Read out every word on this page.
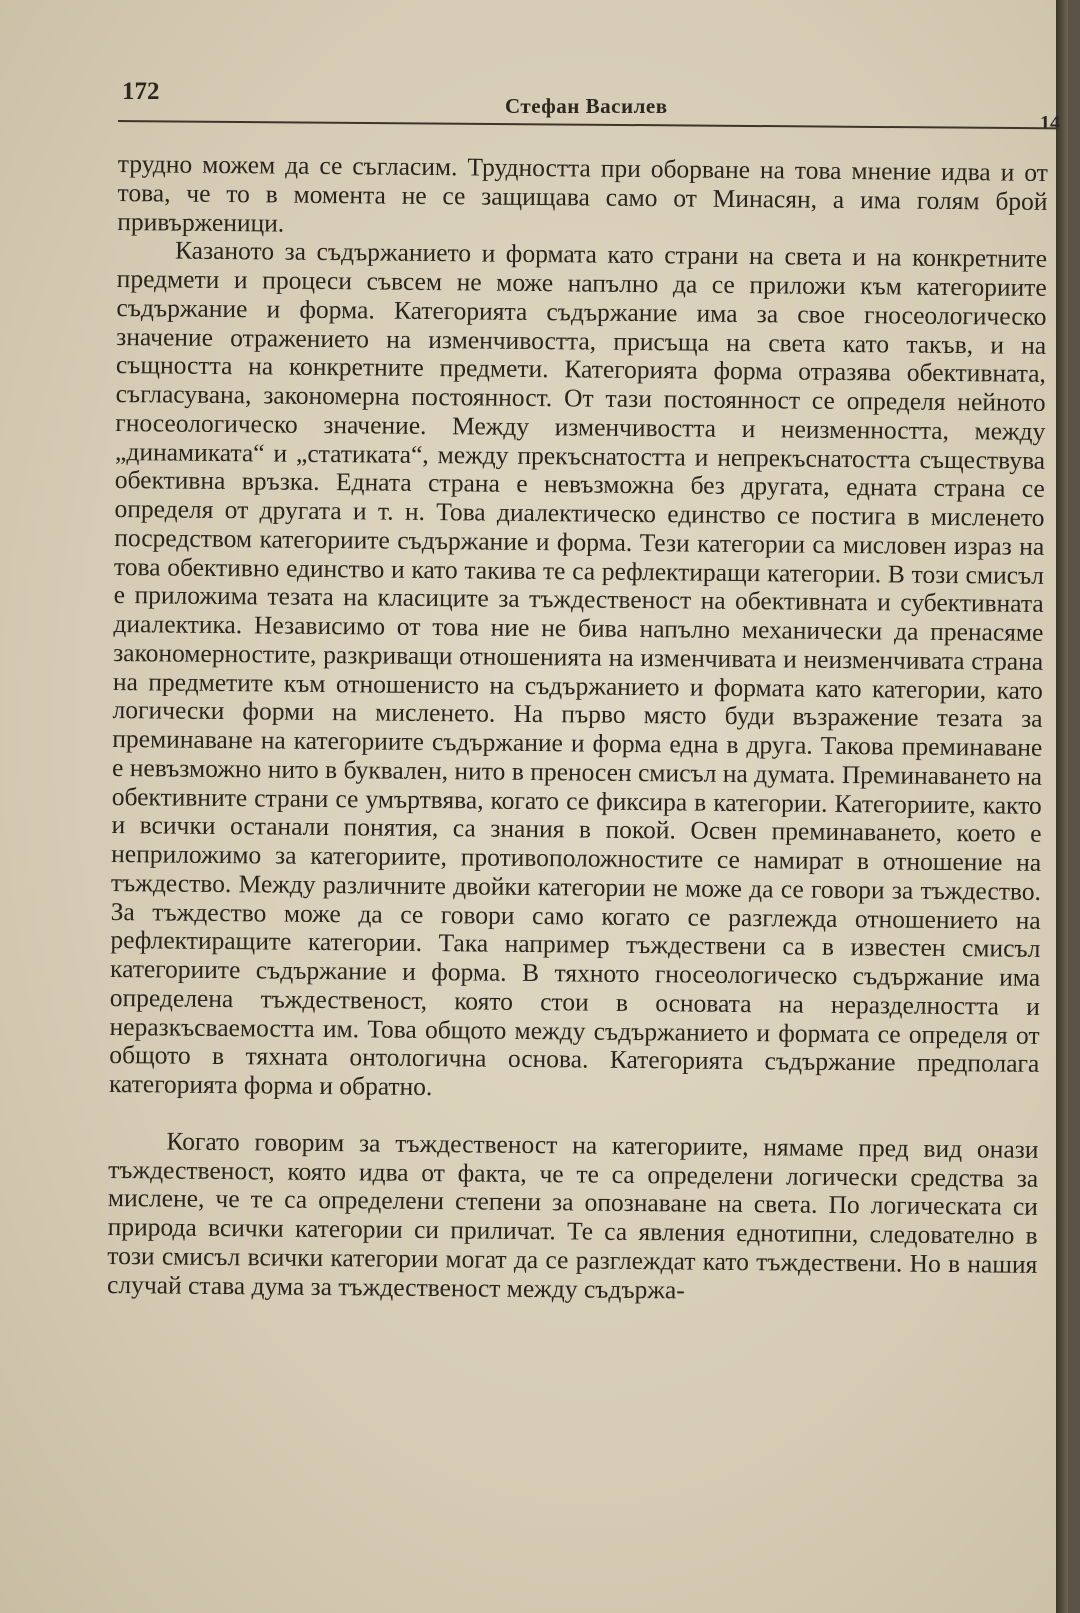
172
Стефан Василев
14

трудно можем да се съгласим. Трудността при оборване на това мнение идва и от това, че то в момента не се защищава само от Минасян, а има голям брой привърженици.

Казаното за съдържанието и формата като страни на света и на конкретните предмети и процеси съвсем не може напълно да се приложи към категориите съдържание и форма. Категорията съдържание има за свое гносеологическо значение отражението на изменчивостта, присъща на света като такъв, и на същността на конкретните предмети. Категорията форма отразява обективната, съгласувана, закономерна постоянност. От тази постоянност се определя нейното гносеологическо значение. Между изменчивостта и неизменността, между „динамиката“ и „статиката“, между прекъснатостта и непрекъснатостта съществува обективна връзка. Едната страна е невъзможна без другата, едната страна се определя от другата и т. н. Това диалектическо единство се постига в мисленето посредством категориите съдържание и форма. Тези категории са мисловен израз на това обективно единство и като такива те са рефлектиращи категории. В този смисъл е приложима тезата на класиците за тъждественост на обективната и субективната диалектика. Независимо от това ние не бива напълно механически да пренасяме закономерностите, разкриващи отношенията на изменчивата и неизменчивата страна на предметите към отношенисто на съдържанието и формата като категории, като логически форми на мисленето. На първо място буди възражение тезата за преминаване на категориите съдържание и форма една в друга. Такова преминаване е невъзможно нито в буквален, нито в преносен смисъл на думата. Преминаването на обективните страни се умъртвява, когато се фиксира в категории. Категориите, както и всички останали понятия, са знания в покой. Освен преминаването, което е неприложимо за категориите, противоположностите се намират в отношение на тъждество. Между различните двойки категории не може да се говори за тъждество. За тъждество може да се говори само когато се разглежда отношението на рефлектиращите категории. Така например тъждествени са в известен смисъл категориите съдържание и форма. В тяхното гносеологическо съдържание има определена тъждественост, която стои в основата на неразделността и неразкъсваемостта им. Това общото между съдържанието и формата се определя от общото в тяхната онтологична основа. Категорията съдържание предполага категорията форма и обратно.

Когато говорим за тъждественост на категориите, нямаме пред вид онази тъждественост, която идва от факта, че те са определени логически средства за мислене, че те са определени степени за опознаване на света. По логическата си природа всички категории си приличат. Те са явления еднотипни, следователно в този смисъл всички категории могат да се разглеждат като тъждествени. Но в нашия случай става дума за тъждественост между съдържа-
